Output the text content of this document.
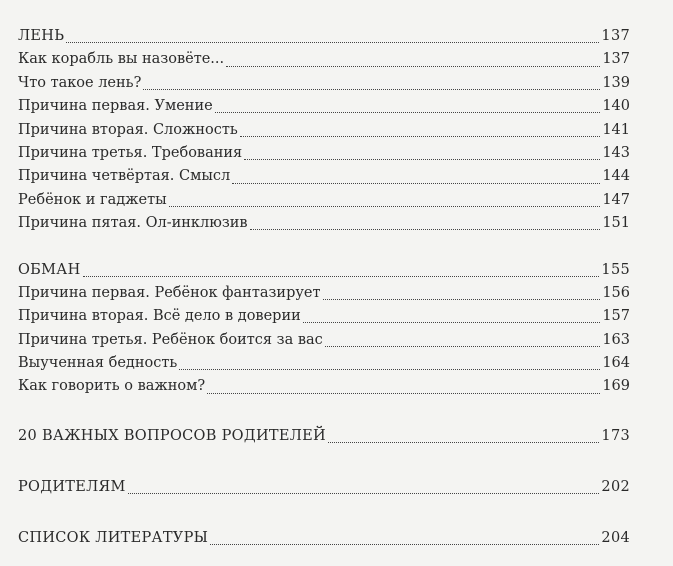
ЛЕНЬ	137
Как корабль вы назовёте...	137
Что такое лень?	139
Причина первая. Умение	140
Причина вторая. Сложность	141
Причина третья. Требования	143
Причина четвёртая. Смысл	144
Ребёнок и гаджеты	147
Причина пятая. Ол-инклюзив	151
ОБМАН	155
Причина первая. Ребёнок фантазирует	156
Причина вторая. Всё дело в доверии	157
Причина третья. Ребёнок боится за вас	163
Выученная бедность	164
Как говорить о важном?	169
20 ВАЖНЫХ ВОПРОСОВ РОДИТЕЛЕЙ	173
РОДИТЕЛЯМ	202
СПИСОК ЛИТЕРАТУРЫ	204
